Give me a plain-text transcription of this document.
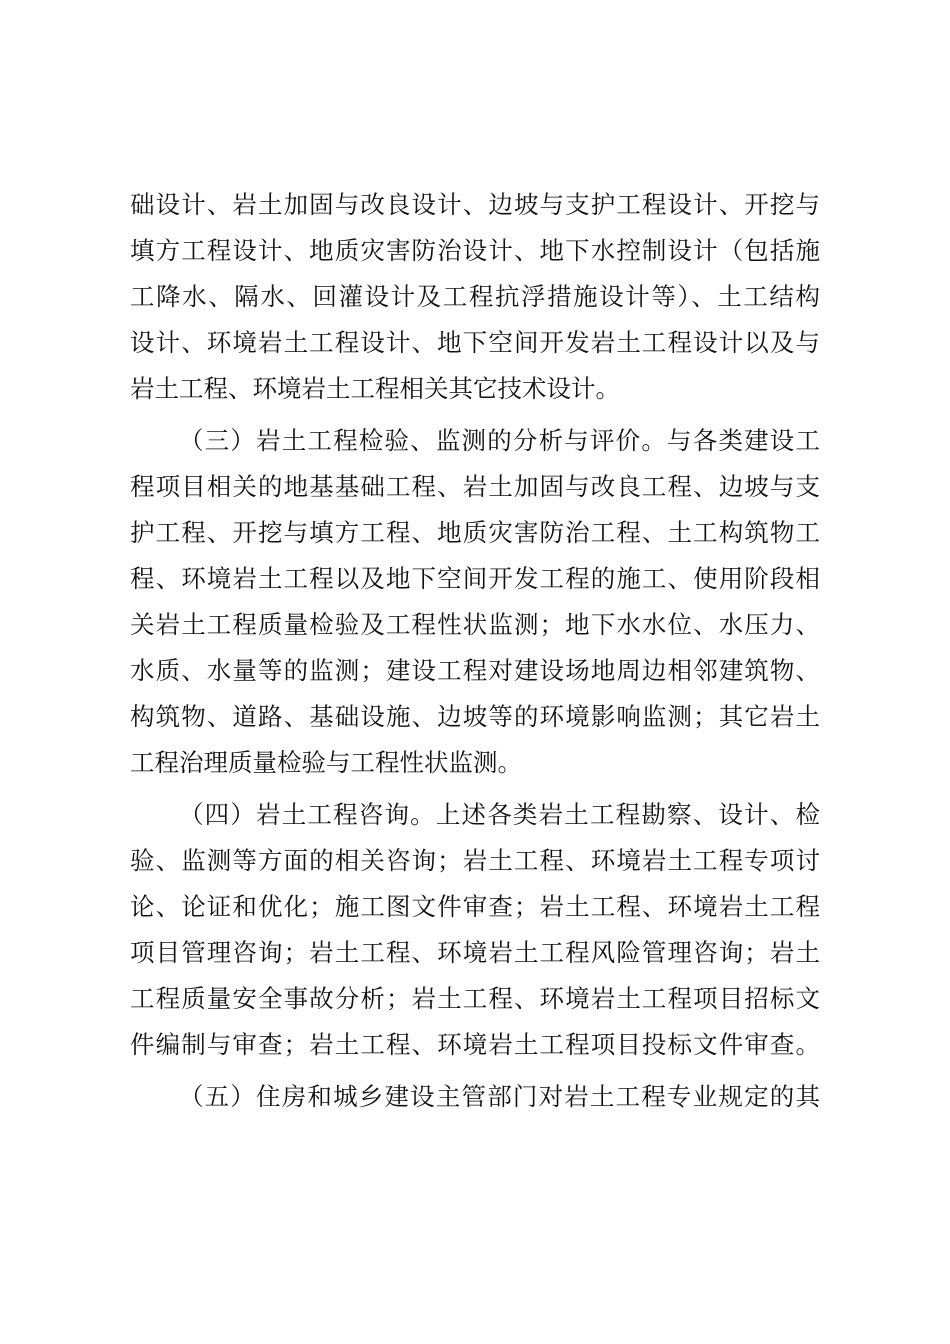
础设计、岩土加固与改良设计、边坡与支护工程设计、开挖与
填方工程设计、地质灾害防治设计、地下水控制设计（包括施
工降水、隔水、回灌设计及工程抗浮措施设计等）、土工结构
设计、环境岩土工程设计、地下空间开发岩土工程设计以及与
岩土工程、环境岩土工程相关其它技术设计。
（三）岩土工程检验、监测的分析与评价。与各类建设工
程项目相关的地基基础工程、岩土加固与改良工程、边坡与支
护工程、开挖与填方工程、地质灾害防治工程、土工构筑物工
程、环境岩土工程以及地下空间开发工程的施工、使用阶段相
关岩土工程质量检验及工程性状监测；地下水水位、水压力、
水质、水量等的监测；建设工程对建设场地周边相邻建筑物、
构筑物、道路、基础设施、边坡等的环境影响监测；其它岩土
工程治理质量检验与工程性状监测。
（四）岩土工程咨询。上述各类岩土工程勘察、设计、检
验、监测等方面的相关咨询；岩土工程、环境岩土工程专项讨
论、论证和优化；施工图文件审查；岩土工程、环境岩土工程
项目管理咨询；岩土工程、环境岩土工程风险管理咨询；岩土
工程质量安全事故分析；岩土工程、环境岩土工程项目招标文
件编制与审查；岩土工程、环境岩土工程项目投标文件审查。
（五）住房和城乡建设主管部门对岩土工程专业规定的其
